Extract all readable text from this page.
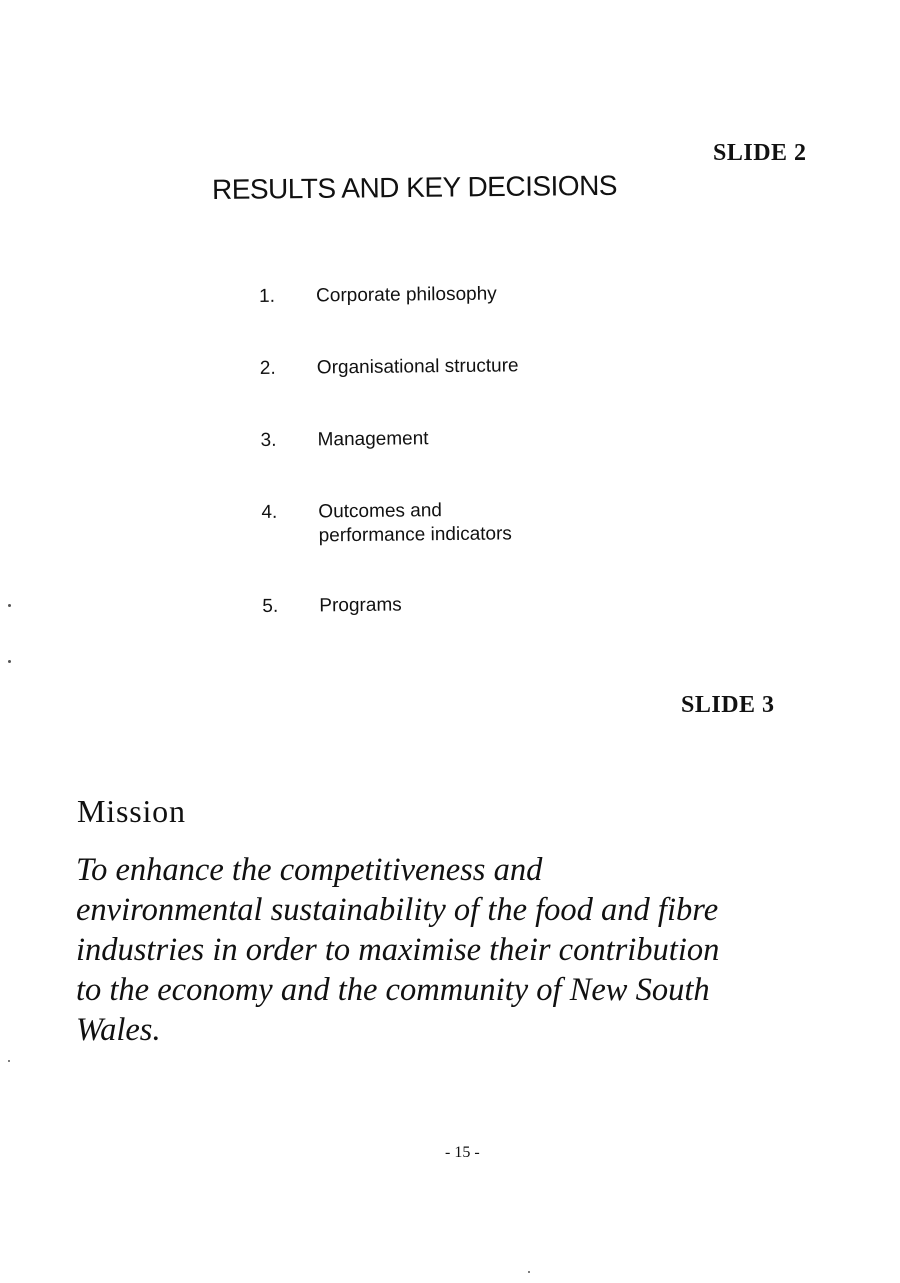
SLIDE 2
RESULTS AND KEY DECISIONS
1.	Corporate philosophy
2.	Organisational structure
3.	Management
4.	Outcomes and
performance indicators
5.	Programs
SLIDE 3
Mission
To enhance the competitiveness and
environmental sustainability of the food and fibre
industries in order to maximise their contribution
to the economy and the community of New South
Wales.
- 15 -
